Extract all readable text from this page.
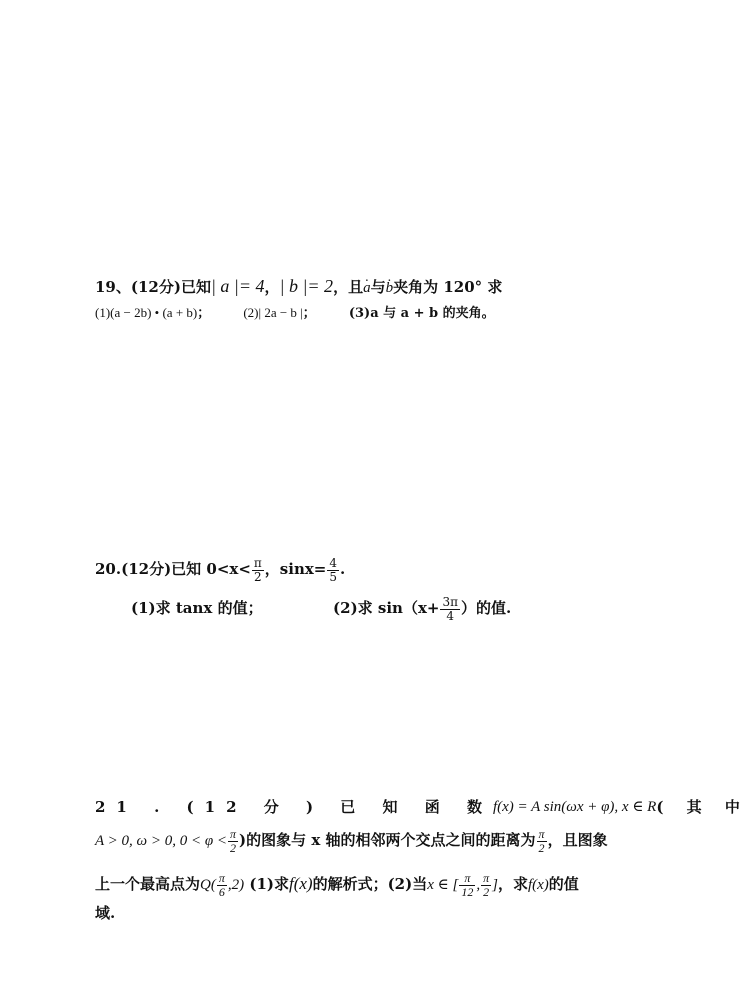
19、(12分)已知| a |= 4，| b |= 2，且· a与· b夹角为 120° 求
(1)(a − 2b) • (a + b)；	(2)| 2a − b |；	(3)a 与 a + b 的夹角。
20.(12分)已知 $0<x< \frac{\pi}{2}$ ，$\sin x= \frac{4}{5}$ .
(1)求 tanx 的值；	(2)求 $\sin(x+ \frac{3\pi}{4}$ ）的值.
21 . (12 分 ) 已 知 函 数 f(x) = A sin(ωx + φ), x ∈ R ( 其 中
A > 0, ω > 0, $0 < \varphi < \frac{\pi}{2}$ )的图象与 x 轴的相邻两个交点之间的距离为 $\frac{\pi}{2}$ ，且图象
上一个最高点为$Q( \frac{\pi}{6} ,2)$ (1)求f(x)的解析式；(2)当x ∈ [ $\frac{\pi}{12}$ , $\frac{\pi}{2}$ ]，求f(x)的值
域.
